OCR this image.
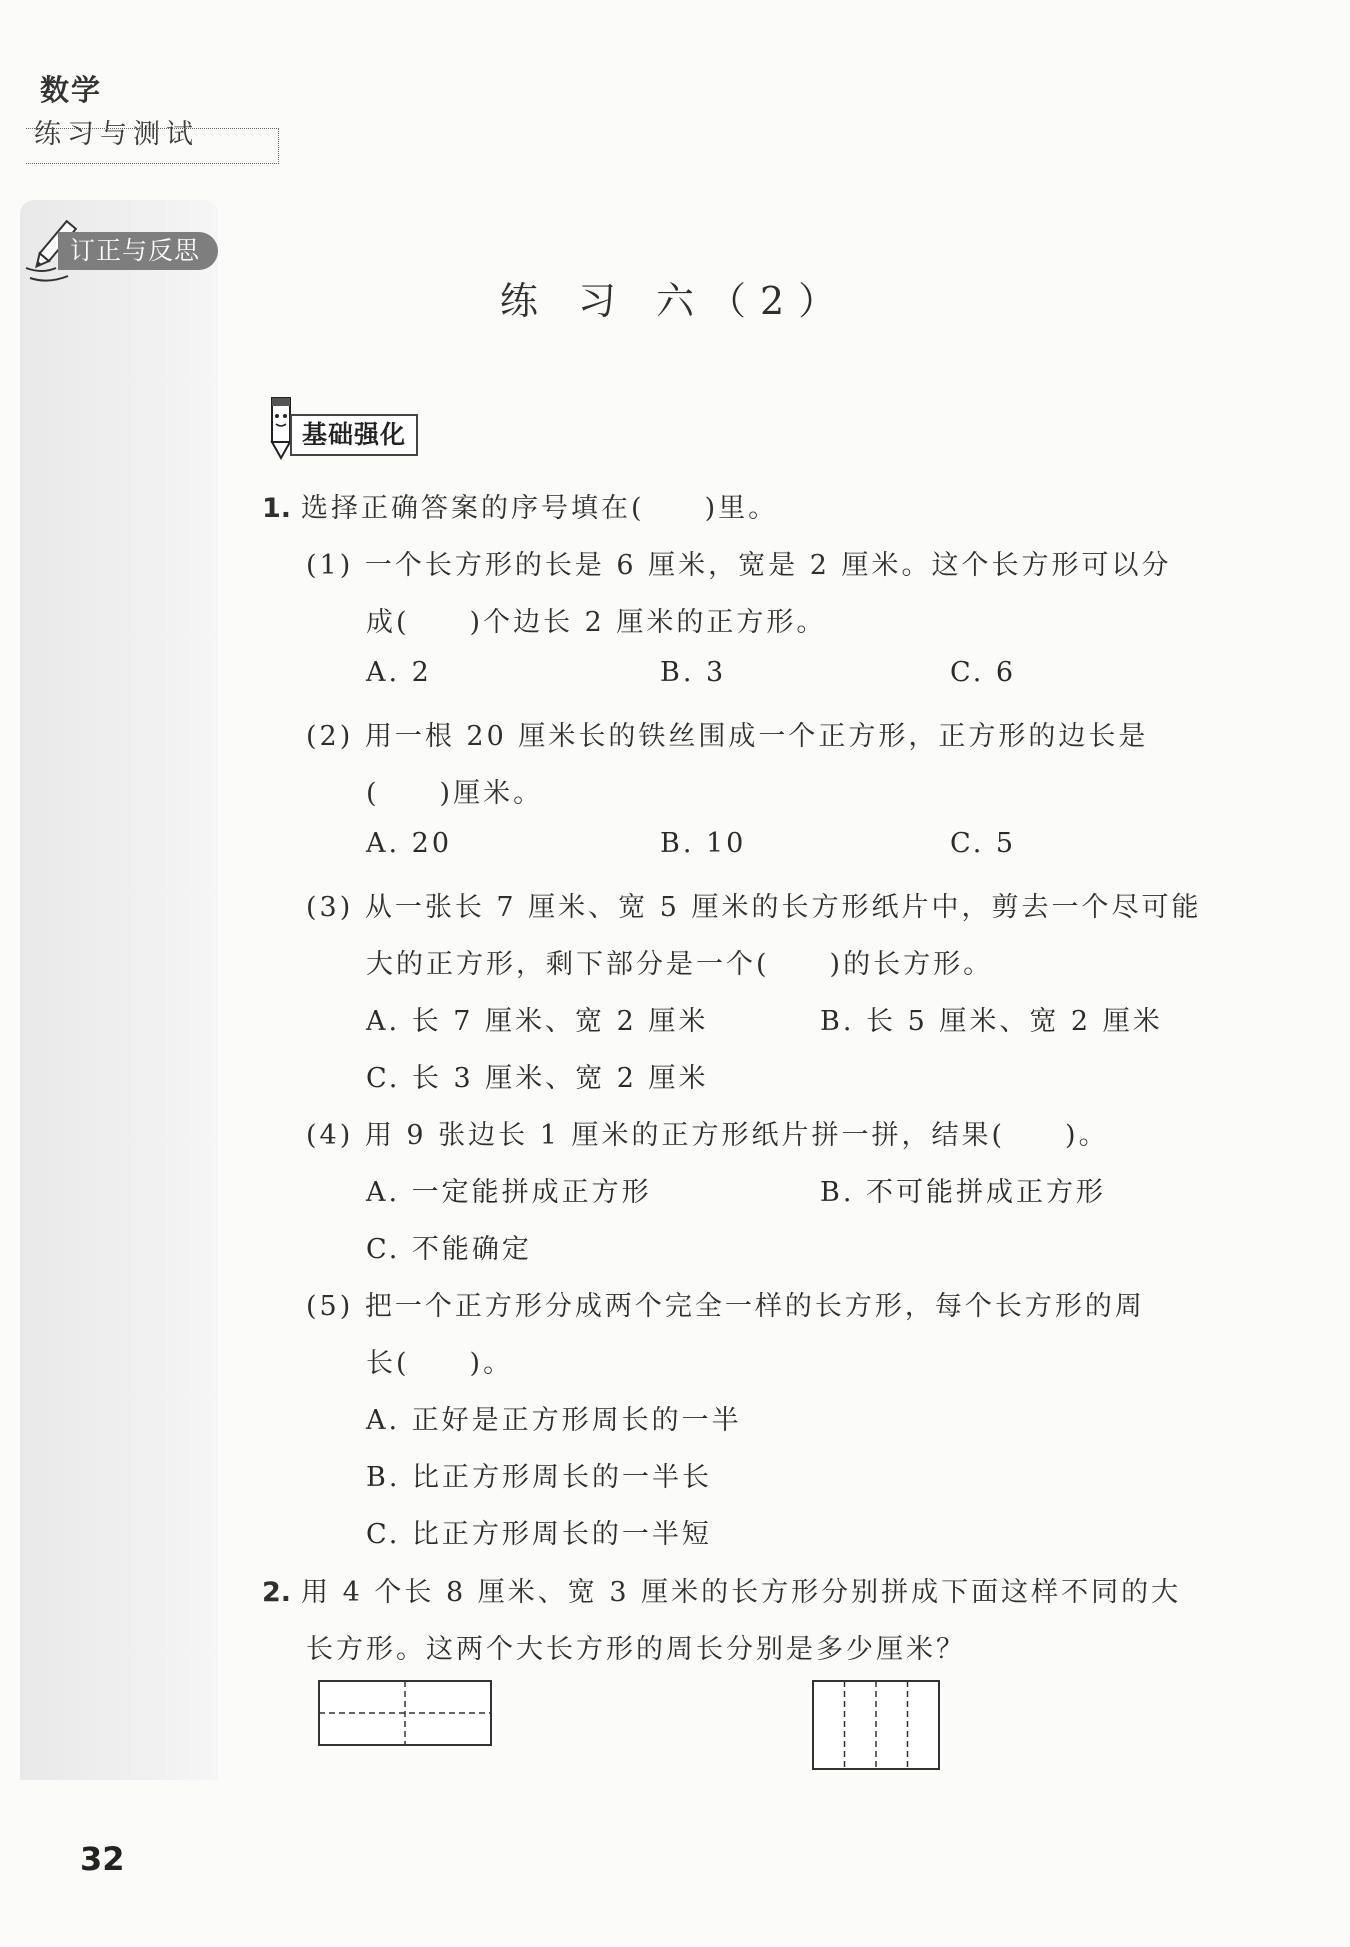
数学
练习与测试
订正与反思
练 习 六（2）
基础强化
1. 选择正确答案的序号填在(　　)里。
(1) 一个长方形的长是 6 厘米，宽是 2 厘米。这个长方形可以分
成(　　)个边长 2 厘米的正方形。
A. 2	B. 3	C. 6
(2) 用一根 20 厘米长的铁丝围成一个正方形，正方形的边长是
(　　)厘米。
A. 20	B. 10	C. 5
(3) 从一张长 7 厘米、宽 5 厘米的长方形纸片中，剪去一个尽可能
大的正方形，剩下部分是一个(　　)的长方形。
A. 长 7 厘米、宽 2 厘米	B. 长 5 厘米、宽 2 厘米
C. 长 3 厘米、宽 2 厘米
(4) 用 9 张边长 1 厘米的正方形纸片拼一拼，结果(　　)。
A. 一定能拼成正方形	B. 不可能拼成正方形
C. 不能确定
(5) 把一个正方形分成两个完全一样的长方形，每个长方形的周
长(　　)。
A. 正好是正方形周长的一半
B. 比正方形周长的一半长
C. 比正方形周长的一半短
2. 用 4 个长 8 厘米、宽 3 厘米的长方形分别拼成下面这样不同的大
长方形。这两个大长方形的周长分别是多少厘米？
32
